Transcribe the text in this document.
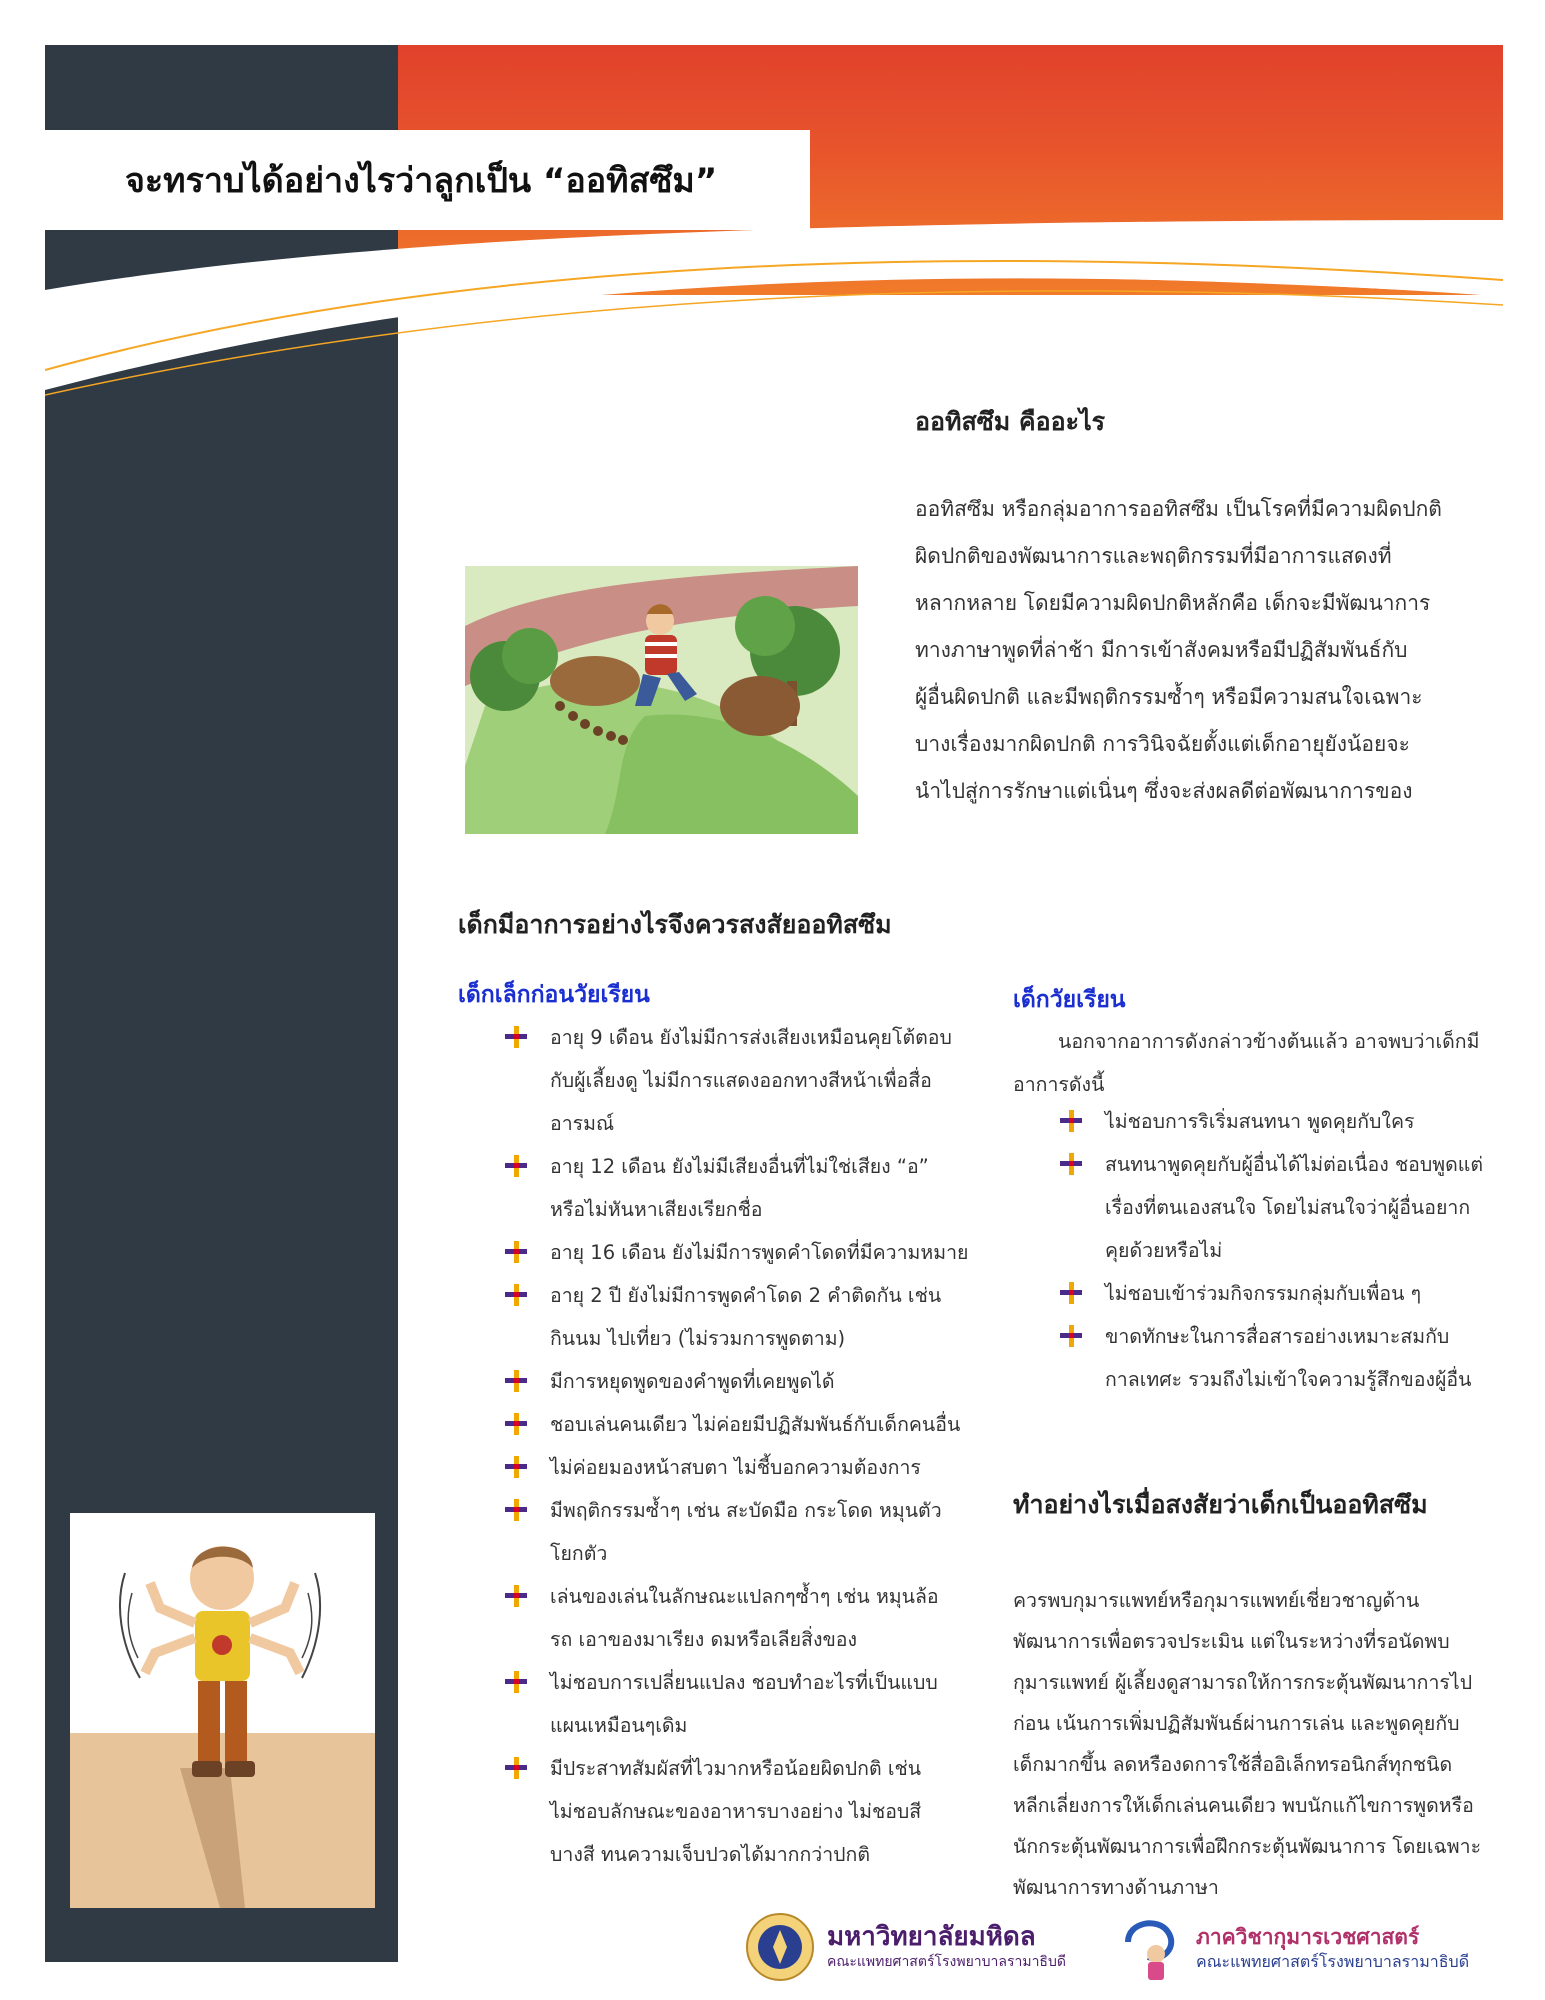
จะทราบได้อย่างไรว่าลูกเป็น “ออทิสซึม”
ออทิสซึม คืออะไร
ออทิสซึม หรือกลุ่มอาการออทิสซึม เป็นโรคที่มีความผิดปกติ
ผิดปกติของพัฒนาการและพฤติกรรมที่มีอาการแสดงที่
หลากหลาย โดยมีความผิดปกติหลักคือ เด็กจะมีพัฒนาการ
ทางภาษาพูดที่ล่าช้า มีการเข้าสังคมหรือมีปฏิสัมพันธ์กับ
ผู้อื่นผิดปกติ และมีพฤติกรรมซ้ำๆ หรือมีความสนใจเฉพาะ
บางเรื่องมากผิดปกติ การวินิจฉัยตั้งแต่เด็กอายุยังน้อยจะ
นำไปสู่การรักษาแต่เนิ่นๆ ซึ่งจะส่งผลดีต่อพัฒนาการของ
เด็กมีอาการอย่างไรจึงควรสงสัยออทิสซึม
เด็กเล็กก่อนวัยเรียน
อายุ 9 เดือน ยังไม่มีการส่งเสียงเหมือนคุยโต้ตอบ
กับผู้เลี้ยงดู ไม่มีการแสดงออกทางสีหน้าเพื่อสื่อ
อารมณ์
อายุ 12 เดือน ยังไม่มีเสียงอื่นที่ไม่ใช่เสียง “อ”
หรือไม่หันหาเสียงเรียกชื่อ
อายุ 16 เดือน ยังไม่มีการพูดคำโดดที่มีความหมาย
อายุ 2 ปี ยังไม่มีการพูดคำโดด 2 คำติดกัน เช่น
กินนม ไปเที่ยว (ไม่รวมการพูดตาม)
มีการหยุดพูดของคำพูดที่เคยพูดได้
ชอบเล่นคนเดียว ไม่ค่อยมีปฏิสัมพันธ์กับเด็กคนอื่น
ไม่ค่อยมองหน้าสบตา ไม่ชี้บอกความต้องการ
มีพฤติกรรมซ้ำๆ เช่น สะบัดมือ กระโดด หมุนตัว
โยกตัว
เล่นของเล่นในลักษณะแปลกๆซ้ำๆ เช่น หมุนล้อ
รถ เอาของมาเรียง ดมหรือเลียสิ่งของ
ไม่ชอบการเปลี่ยนแปลง ชอบทำอะไรที่เป็นแบบ
แผนเหมือนๆเดิม
มีประสาทสัมผัสที่ไวมากหรือน้อยผิดปกติ เช่น
ไม่ชอบลักษณะของอาหารบางอย่าง ไม่ชอบสี
บางสี ทนความเจ็บปวดได้มากกว่าปกติ
เด็กวัยเรียน
นอกจากอาการดังกล่าวข้างต้นแล้ว อาจพบว่าเด็กมี
อาการดังนี้
ไม่ชอบการริเริ่มสนทนา พูดคุยกับใคร
สนทนาพูดคุยกับผู้อื่นได้ไม่ต่อเนื่อง ชอบพูดแต่
เรื่องที่ตนเองสนใจ โดยไม่สนใจว่าผู้อื่นอยาก
คุยด้วยหรือไม่
ไม่ชอบเข้าร่วมกิจกรรมกลุ่มกับเพื่อน ๆ
ขาดทักษะในการสื่อสารอย่างเหมาะสมกับ
กาลเทศะ รวมถึงไม่เข้าใจความรู้สึกของผู้อื่น
ทำอย่างไรเมื่อสงสัยว่าเด็กเป็นออทิสซึม
ควรพบกุมารแพทย์หรือกุมารแพทย์เชี่ยวชาญด้าน
พัฒนาการเพื่อตรวจประเมิน แต่ในระหว่างที่รอนัดพบ
กุมารแพทย์ ผู้เลี้ยงดูสามารถให้การกระตุ้นพัฒนาการไป
ก่อน เน้นการเพิ่มปฏิสัมพันธ์ผ่านการเล่น และพูดคุยกับ
เด็กมากขึ้น ลดหรืองดการใช้สื่ออิเล็กทรอนิกส์ทุกชนิด
หลีกเลี่ยงการให้เด็กเล่นคนเดียว พบนักแก้ไขการพูดหรือ
นักกระตุ้นพัฒนาการเพื่อฝึกกระตุ้นพัฒนาการ โดยเฉพาะ
พัฒนาการทางด้านภาษา
มหาวิทยาลัยมหิดล
คณะแพทยศาสตร์โรงพยาบาลรามาธิบดี
ภาควิชากุมารเวชศาสตร์
คณะแพทยศาสตร์โรงพยาบาลรามาธิบดี
